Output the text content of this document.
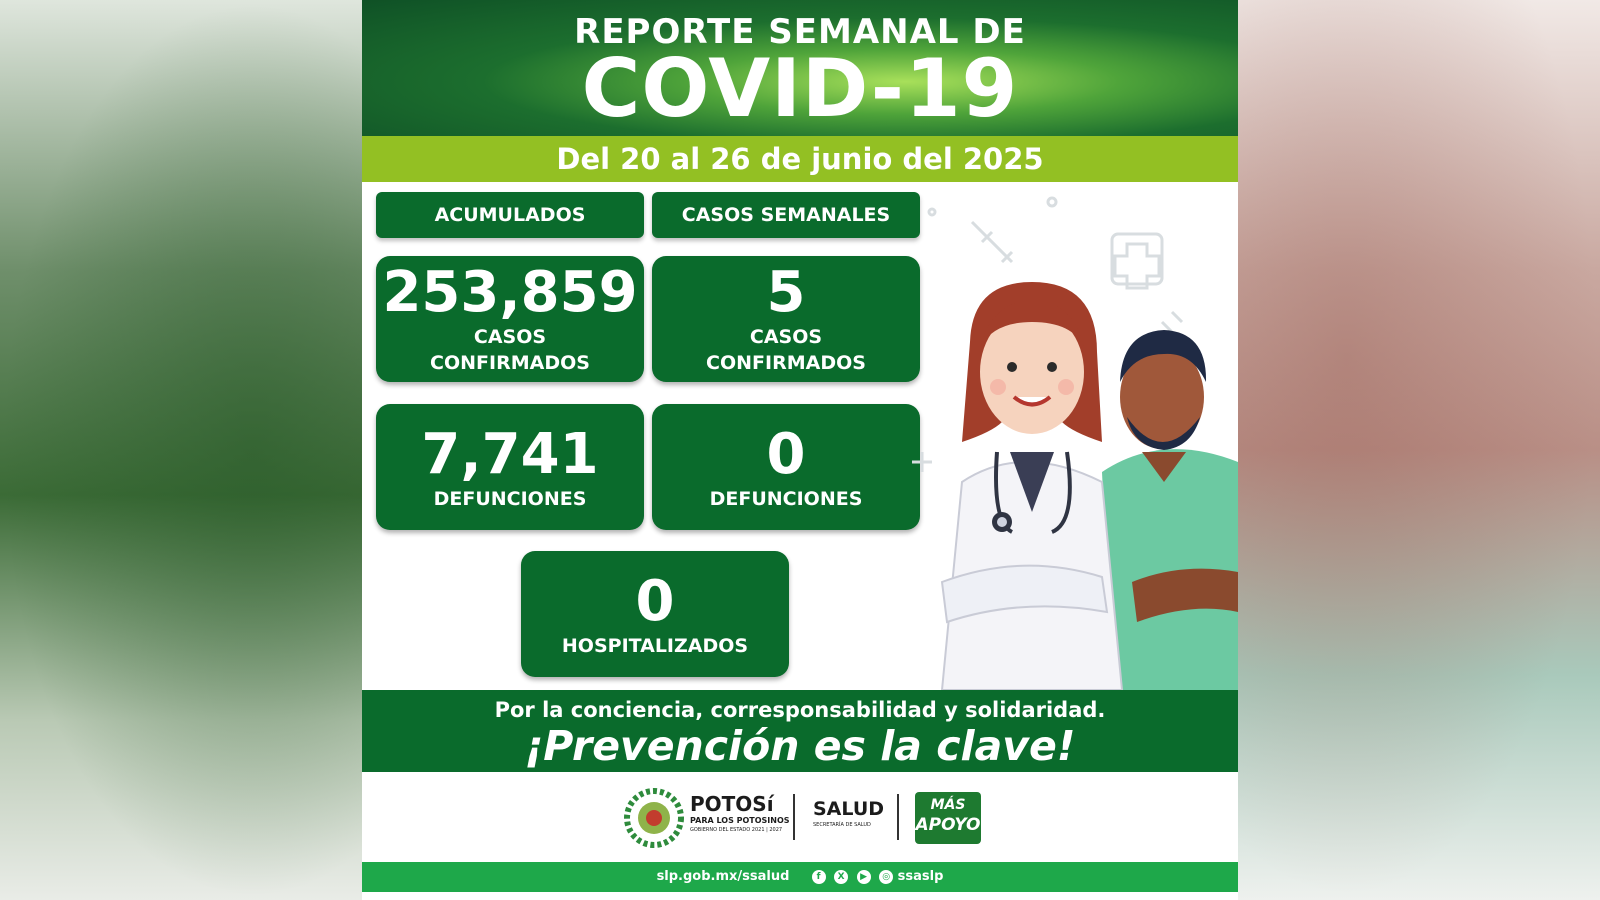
REPORTE SEMANAL DE
COVID-19
Del 20 al 26 de junio del 2025
ACUMULADOS	CASOS SEMANALES
253,859
CASOS
CONFIRMADOS
5
CASOS
CONFIRMADOS
7,741
DEFUNCIONES
0
DEFUNCIONES
0
HOSPITALIZADOS
Por la conciencia, corresponsabilidad y solidaridad.
¡Prevención es la clave!
POTOSí
PARA LOS POTOSINOS
GOBIERNO DEL ESTADO 2021 | 2027
SALUD
SECRETARÍA DE SALUD
MÁS
APOYO
slp.gob.mx/ssalud	f X ▶ ◎ ssaslp
